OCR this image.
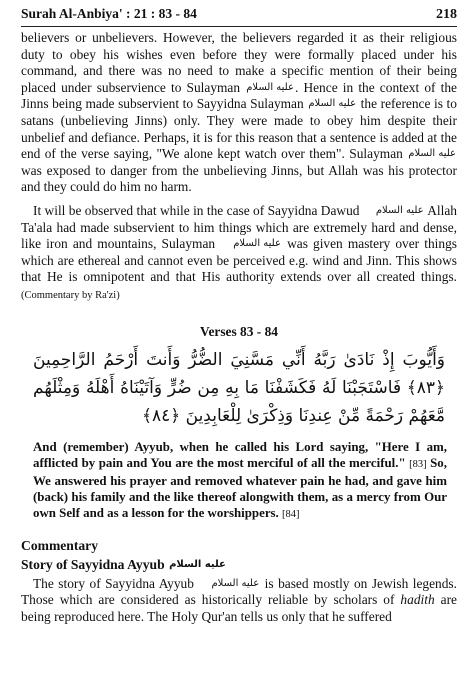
Surah Al-Anbiya' : 21 : 83 - 84	218

believers or unbelievers. However, the believers regarded it as their religious duty to obey his wishes even before they were formally placed under his command, and there was no need to make a specific mention of their being placed under subservience to Sulayman عليه السلام. Hence in the context of the Jinns being made subservient to Sayyidna Sulayman عليه السلام the reference is to satans (unbelieving Jinns) only. They were made to obey him despite their unbelief and defiance. Perhaps, it is for this reason that a sentence is added at the end of the verse saying, "We alone kept watch over them". Sulayman عليه السلام was exposed to danger from the unbelieving Jinns, but Allah was his protector and they could do him no harm.

It will be observed that while in the case of Sayyidna Dawud عليه السلام Allah Ta'ala had made subservient to him things which are extremely hard and dense, like iron and mountains, Sulayman عليه السلام was given mastery over things which are ethereal and cannot even be perceived e.g. wind and Jinn. This shows that He is omnipotent and that His authority extends over all created things. (Commentary by Ra'zi)

Verses 83 - 84
وَأَيُّوبَ إِذْ نَادَىٰ رَبَّهُ أَنِّي مَسَّنِيَ الضُّرُّ وَأَنتَ أَرْحَمُ الرَّاحِمِينَ ﴿٨٣﴾ فَاسْتَجَبْنَا لَهُ فَكَشَفْنَا مَا بِهِ مِن ضُرٍّ وَآتَيْنَاهُ أَهْلَهُ وَمِثْلَهُم مَّعَهُمْ رَحْمَةً مِّنْ عِندِنَا وَذِكْرَىٰ لِلْعَابِدِينَ ﴿٨٤﴾
And (remember) Ayyub, when he called his Lord saying, "Here I am, afflicted by pain and You are the most merciful of all the merciful." [83] So, We answered his prayer and removed whatever pain he had, and gave him (back) his family and the like thereof alongwith them, as a mercy from Our own Self and as a lesson for the worshippers. [84]
Commentary
Story of Sayyidna Ayyub عليه السلام

The story of Sayyidna Ayyub عليه السلام is based mostly on Jewish legends. Those which are considered as historically reliable by scholars of hadith are being reproduced here. The Holy Qur'an tells us only that he suffered
